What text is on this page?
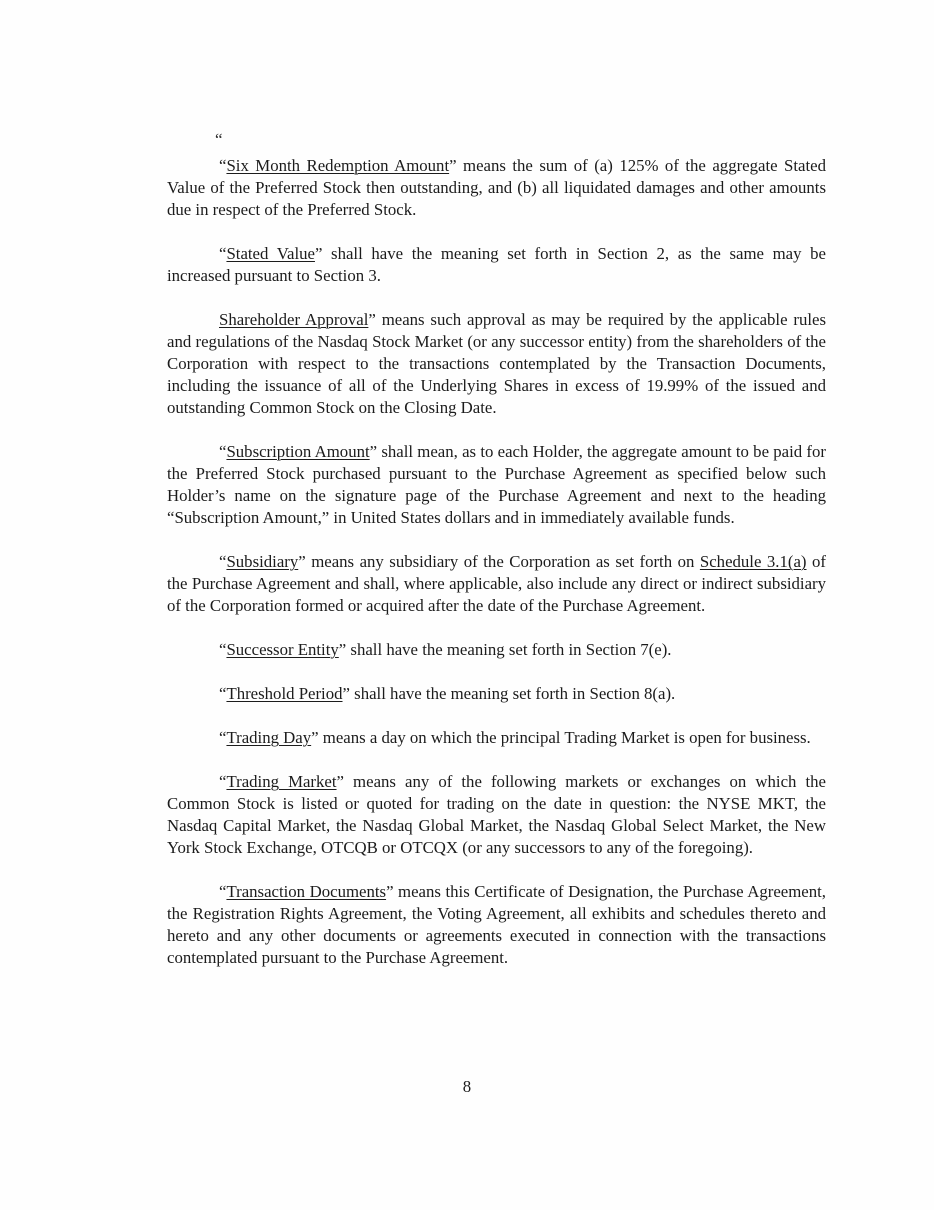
“

“Six Month Redemption Amount” means the sum of (a) 125% of the aggregate Stated Value of the Preferred Stock then outstanding, and (b) all liquidated damages and other amounts due in respect of the Preferred Stock.

“Stated Value” shall have the meaning set forth in Section 2, as the same may be increased pursuant to Section 3.

Shareholder Approval” means such approval as may be required by the applicable rules and regulations of the Nasdaq Stock Market (or any successor entity) from the shareholders of the Corporation with respect to the transactions contemplated by the Transaction Documents, including the issuance of all of the Underlying Shares in excess of 19.99% of the issued and outstanding Common Stock on the Closing Date.

“Subscription Amount” shall mean, as to each Holder, the aggregate amount to be paid for the Preferred Stock purchased pursuant to the Purchase Agreement as specified below such Holder’s name on the signature page of the Purchase Agreement and next to the heading “Subscription Amount,” in United States dollars and in immediately available funds.

“Subsidiary” means any subsidiary of the Corporation as set forth on Schedule 3.1(a) of the Purchase Agreement and shall, where applicable, also include any direct or indirect subsidiary of the Corporation formed or acquired after the date of the Purchase Agreement.

“Successor Entity” shall have the meaning set forth in Section 7(e).

“Threshold Period” shall have the meaning set forth in Section 8(a).

“Trading Day” means a day on which the principal Trading Market is open for business.

“Trading Market” means any of the following markets or exchanges on which the Common Stock is listed or quoted for trading on the date in question: the NYSE MKT, the Nasdaq Capital Market, the Nasdaq Global Market, the Nasdaq Global Select Market, the New York Stock Exchange, OTCQB or OTCQX (or any successors to any of the foregoing).

“Transaction Documents” means this Certificate of Designation, the Purchase Agreement, the Registration Rights Agreement, the Voting Agreement, all exhibits and schedules thereto and hereto and any other documents or agreements executed in connection with the transactions contemplated pursuant to the Purchase Agreement.

8
